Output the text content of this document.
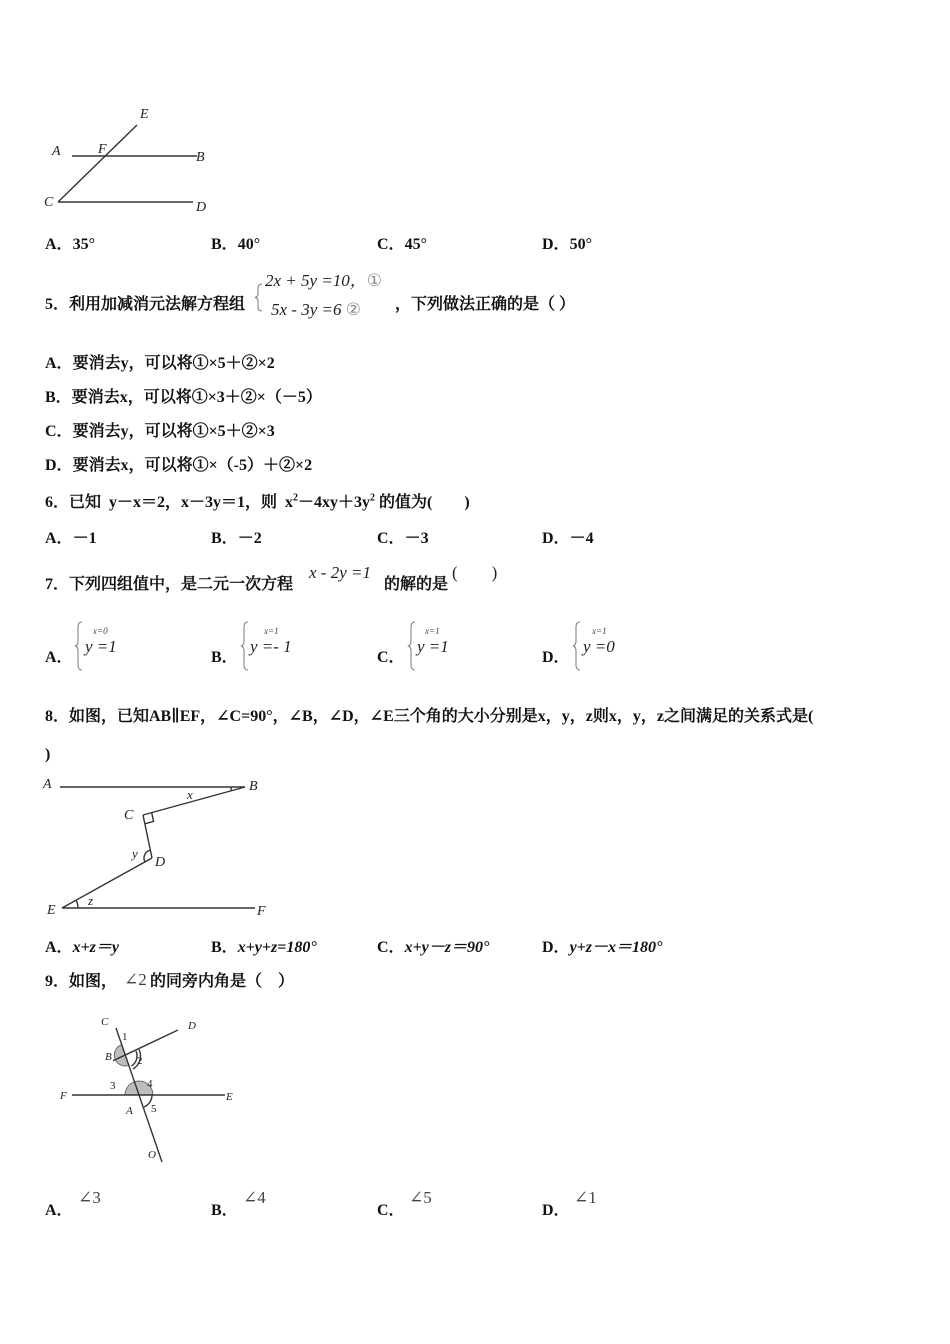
E
A	F
B
C	D
A．35°	B．40°	C．45°	D．50°
5．利用加减消元法解方程组
2x + 5y =10，①
5x - 3y =6 ② ，下列做法正确的是（ ）
A．要消去y，可以将①×5＋②×2
B．要消去x，可以将①×3＋②×（－5）
C．要消去y，可以将①×5＋②×3
D．要消去x，可以将①×（-5）＋②×2
6．已知  y－x＝2，x－3y＝1，则  $x^2-4xy+3y^2$ 的值为(　　)
A．－1	B．－2	C．－3	D．－4
7．下列四组值中，是二元一次方程
x - 2y =1
的解的是
(　　)
A．
x=0
y =1
B．
x=1
y =- 1
C．
x=1
y =1
D．
x=1
y =0
8．如图，已知AB∥EF，∠C=90°，∠B，∠D，∠E三个角的大小分别是x，y，z则x，y，z之间满足的关系式是(
)
A	B
C
D
E	F
x
y
z
A．x+z＝y	B．x+y+z=180°	C．x+y－z＝90°	D．y+z－x＝180°
9．如图， ∠2 的同旁内角是（　）
C	D
1
B 2
3	4
F	E
A 5
O
A．
∠3
B．
∠4
C．
∠5
D．
∠1
